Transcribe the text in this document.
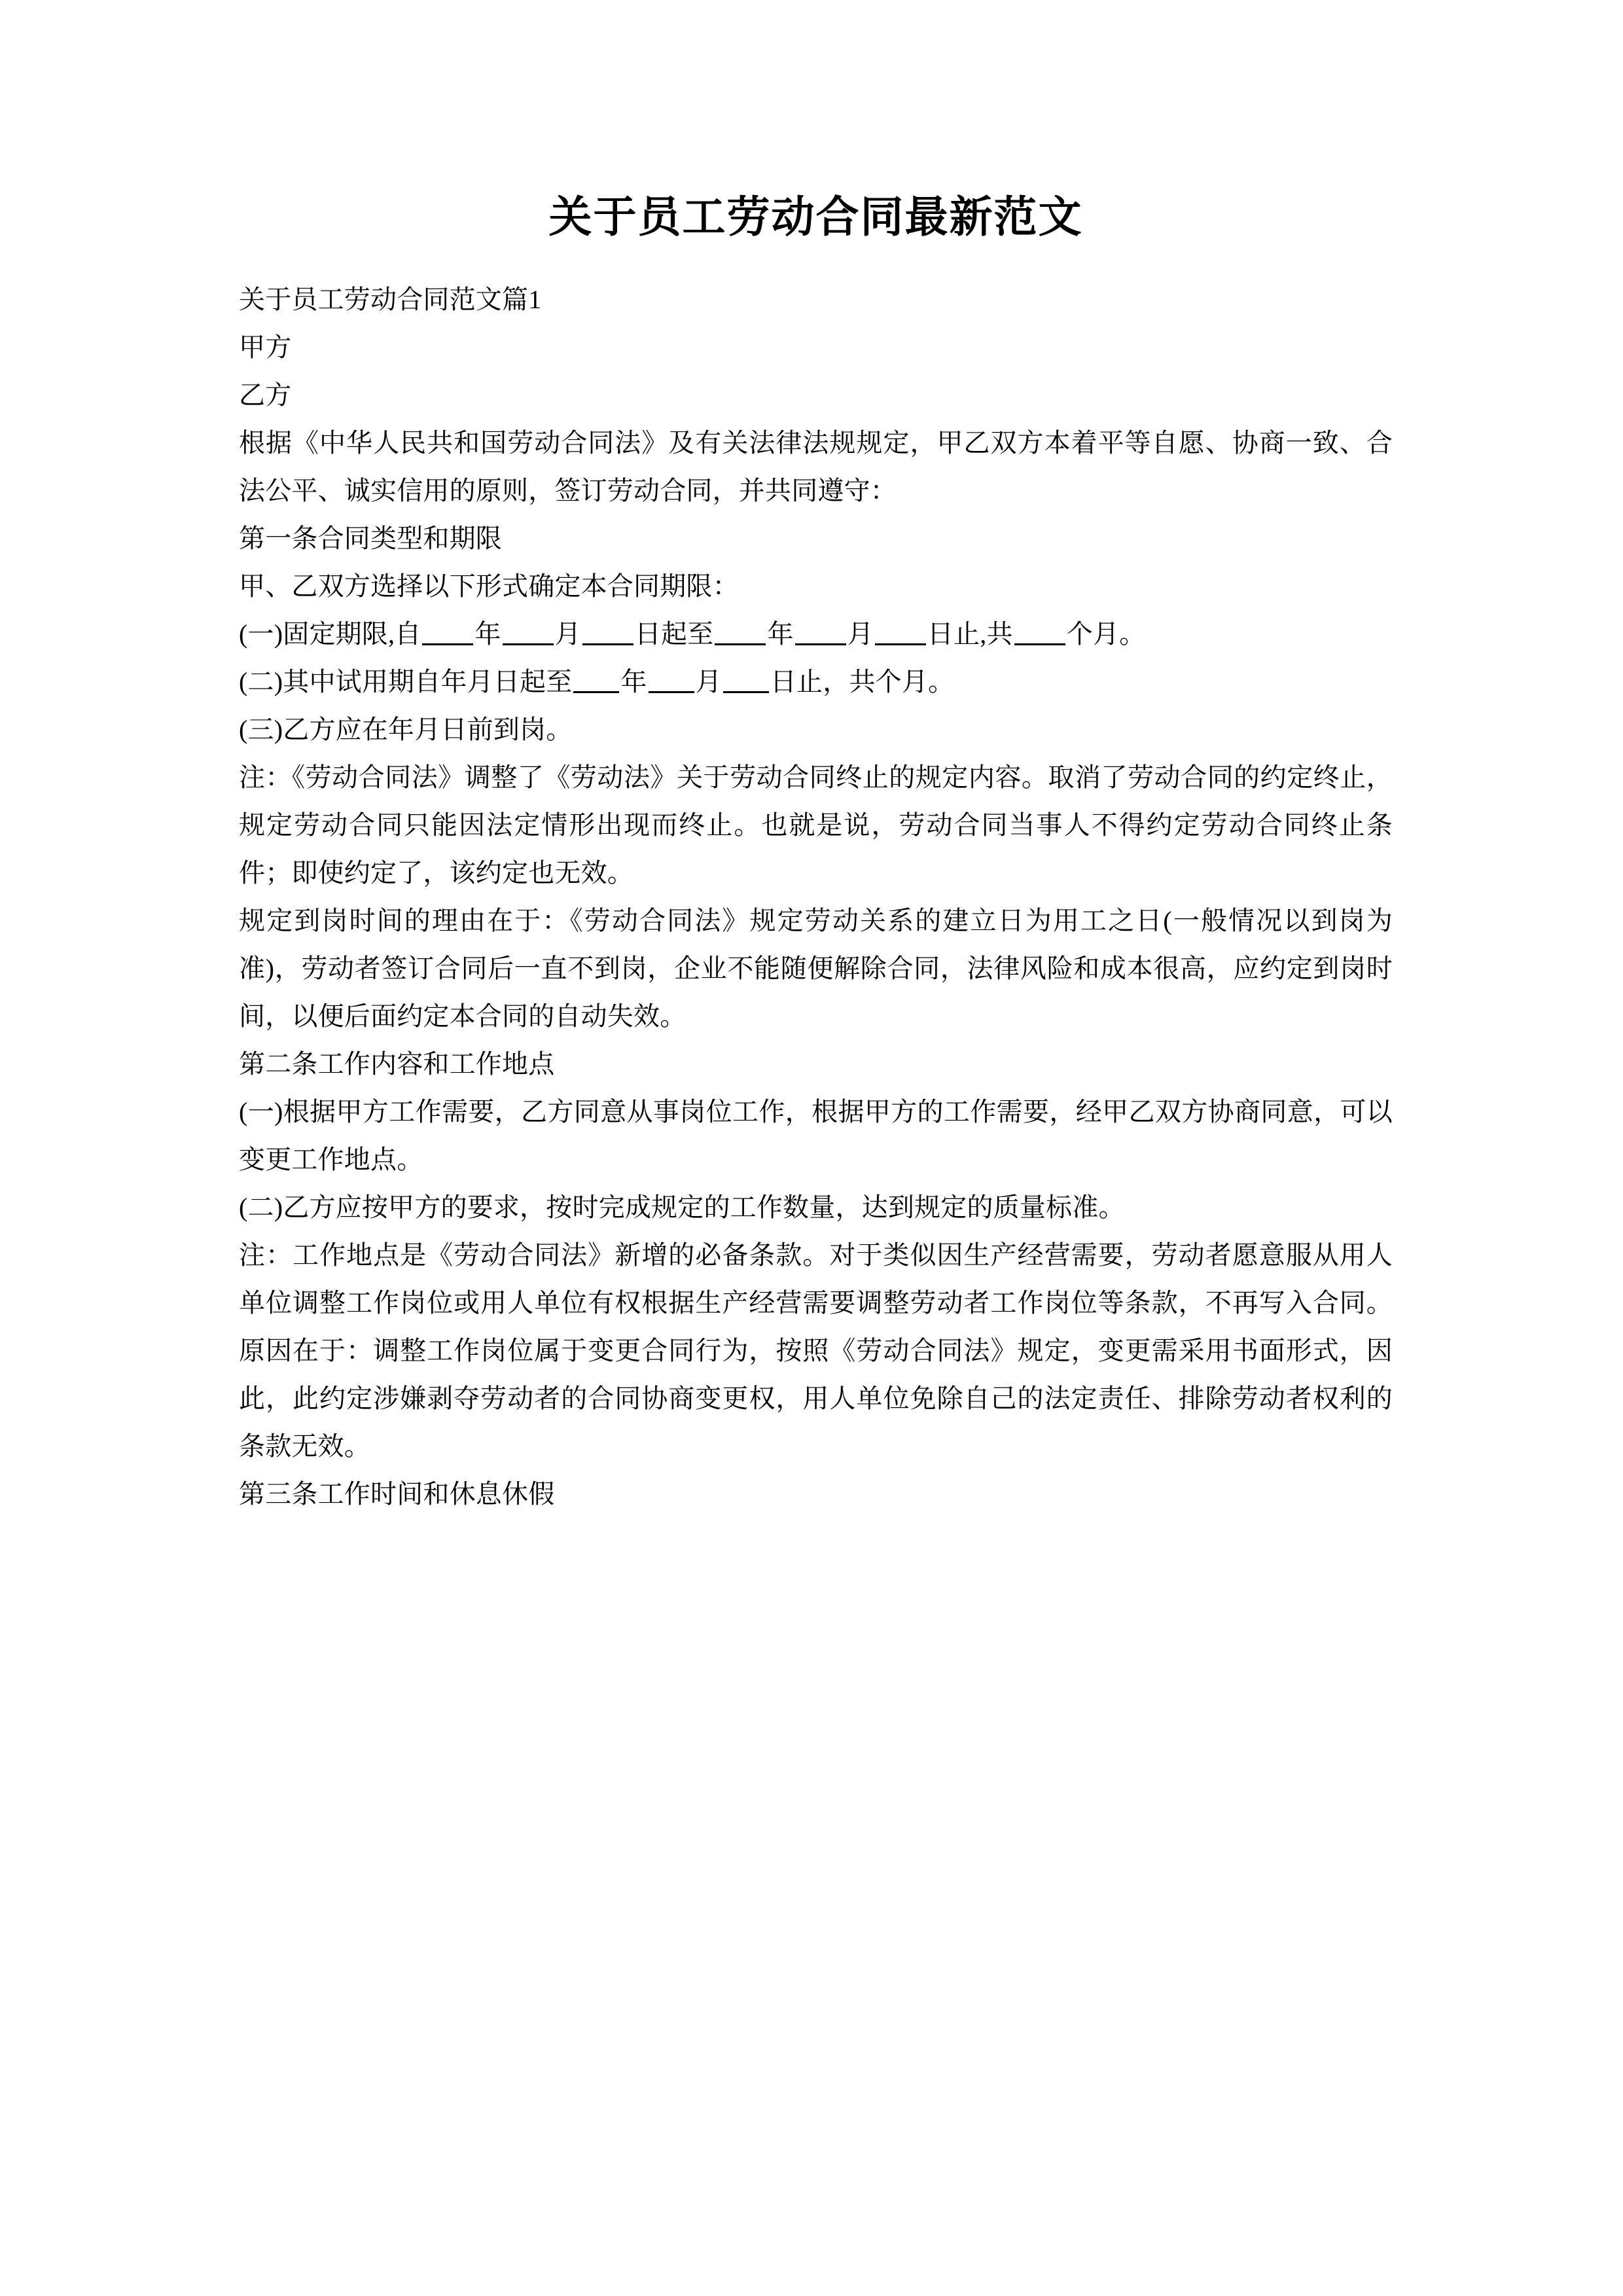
关于员工劳动合同最新范文

关于员工劳动合同范文篇1

甲方

乙方

根据《中华人民共和国劳动合同法》及有关法律法规规定，甲乙双方本着平等自愿、协商一致、合法公平、诚实信用的原则，签订劳动合同，并共同遵守：

第一条合同类型和期限

甲、乙双方选择以下形式确定本合同期限：

(一)固定期限,自 年 月 日起至 年 月 日止,共 个月。

(二)其中试用期自年月日起至 年 月 日止，共个月。

(三)乙方应在年月日前到岗。

注：《劳动合同法》调整了《劳动法》关于劳动合同终止的规定内容。取消了劳动合同的约定终止，规定劳动合同只能因法定情形出现而终止。也就是说，劳动合同当事人不得约定劳动合同终止条件；即使约定了，该约定也无效。

规定到岗时间的理由在于：《劳动合同法》规定劳动关系的建立日为用工之日(一般情况以到岗为准)，劳动者签订合同后一直不到岗，企业不能随便解除合同，法律风险和成本很高，应约定到岗时间，以便后面约定本合同的自动失效。

第二条工作内容和工作地点

(一)根据甲方工作需要，乙方同意从事岗位工作，根据甲方的工作需要，经甲乙双方协商同意，可以变更工作地点。

(二)乙方应按甲方的要求，按时完成规定的工作数量，达到规定的质量标准。

注：工作地点是《劳动合同法》新增的必备条款。对于类似因生产经营需要，劳动者愿意服从用人单位调整工作岗位或用人单位有权根据生产经营需要调整劳动者工作岗位等条款，不再写入合同。原因在于：调整工作岗位属于变更合同行为，按照《劳动合同法》规定，变更需采用书面形式，因此，此约定涉嫌剥夺劳动者的合同协商变更权，用人单位免除自己的法定责任、排除劳动者权利的条款无效。

第三条工作时间和休息休假
